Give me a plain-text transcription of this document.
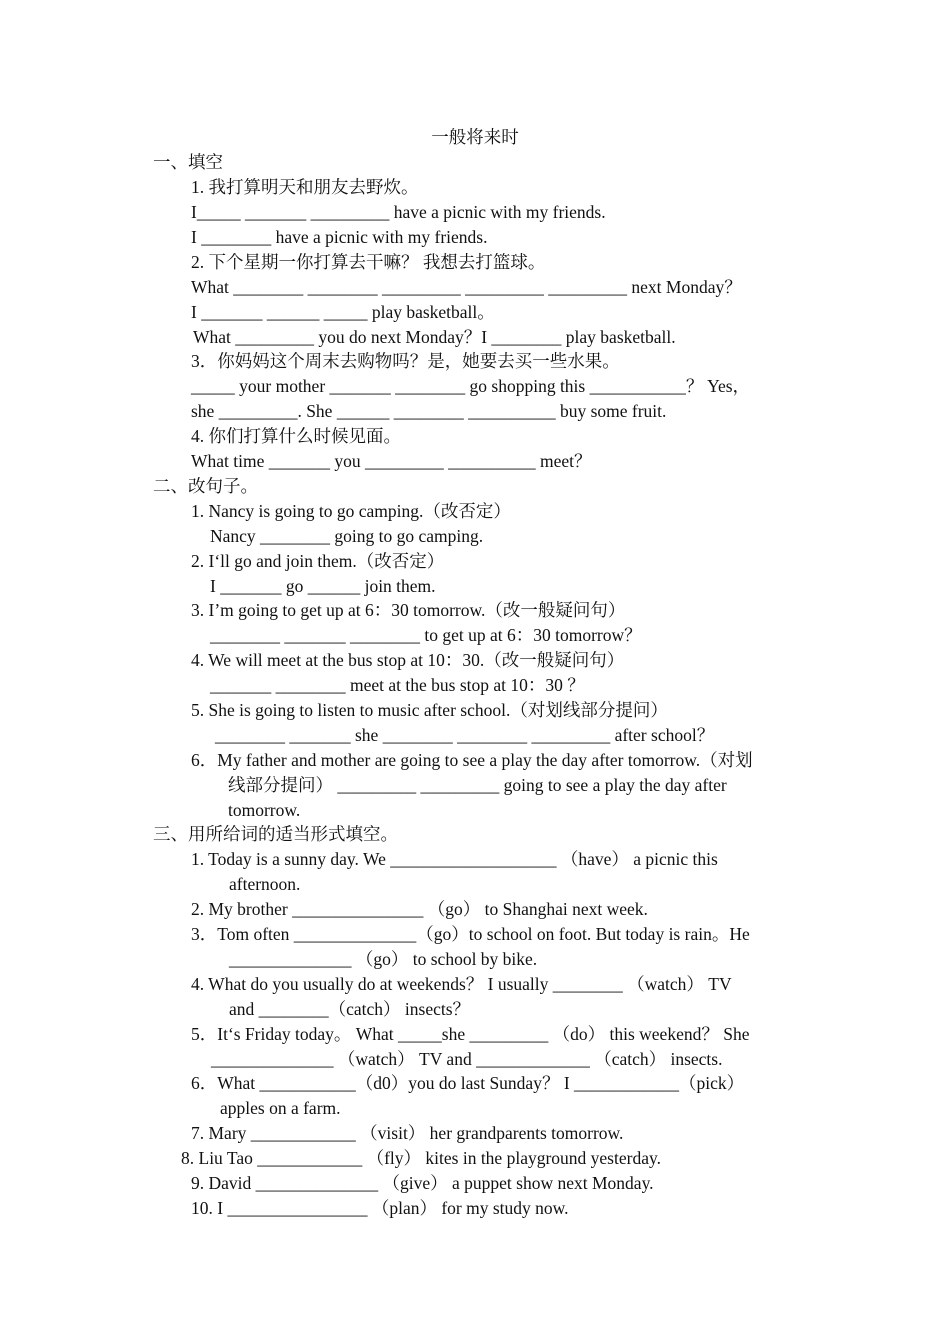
一般将来时
一、填空
1. 我打算明天和朋友去野炊。
I_____ _______ _________ have a picnic with my friends.
I ________ have a picnic with my friends.
2. 下个星期一你打算去干嘛？ 我想去打篮球。
What ________ ________ _________ _________ _________ next Monday？
I _______ ______ _____ play basketball。
What _________ you do next Monday？I ________ play basketball.
3．你妈妈这个周末去购物吗？是，她要去买一些水果。
_____ your mother _______ ________ go shopping this ___________？ Yes，
she _________. She ______ ________ __________ buy some fruit.
4. 你们打算什么时候见面。
What time _______ you _________ __________ meet？
二、改句子。
1. Nancy is going to go camping.（改否定）
Nancy ________ going to go camping.
2. I‘ll go and join them.（改否定）
I _______ go ______ join them.
3. I’m going to get up at 6：30 tomorrow.（改一般疑问句）
________ _______ ________ to get up at 6：30 tomorrow？
4. We will meet at the bus stop at 10：30.（改一般疑问句）
_______ ________ meet at the bus stop at 10：30 ？
5. She is going to listen to music after school.（对划线部分提问）
________ _______ she ________ ________ _________ after school？
6．My father and mother are going to see a play the day after tomorrow.（对划
线部分提问） _________ _________ going to see a play the day after
tomorrow.
三、用所给词的适当形式填空。
1. Today is a sunny day. We ___________________ （have） a picnic this
afternoon.
2. My brother _______________ （go） to Shanghai next week.
3．Tom often ______________（go）to school on foot. But today is rain。He
______________ （go） to school by bike.
4. What do you usually do at weekends？ I usually ________ （watch） TV
and ________（catch） insects？
5．It‘s Friday today。 What _____she _________ （do） this weekend？ She
______________ （watch） TV and _____________ （catch） insects.
6．What ___________（d0）you do last Sunday？ I ____________（pick）
apples on a farm.
7. Mary ____________ （visit） her grandparents tomorrow.
8. Liu Tao ____________ （fly） kites in the playground yesterday.
9. David ______________ （give） a puppet show next Monday.
10. I ________________ （plan） for my study now.
